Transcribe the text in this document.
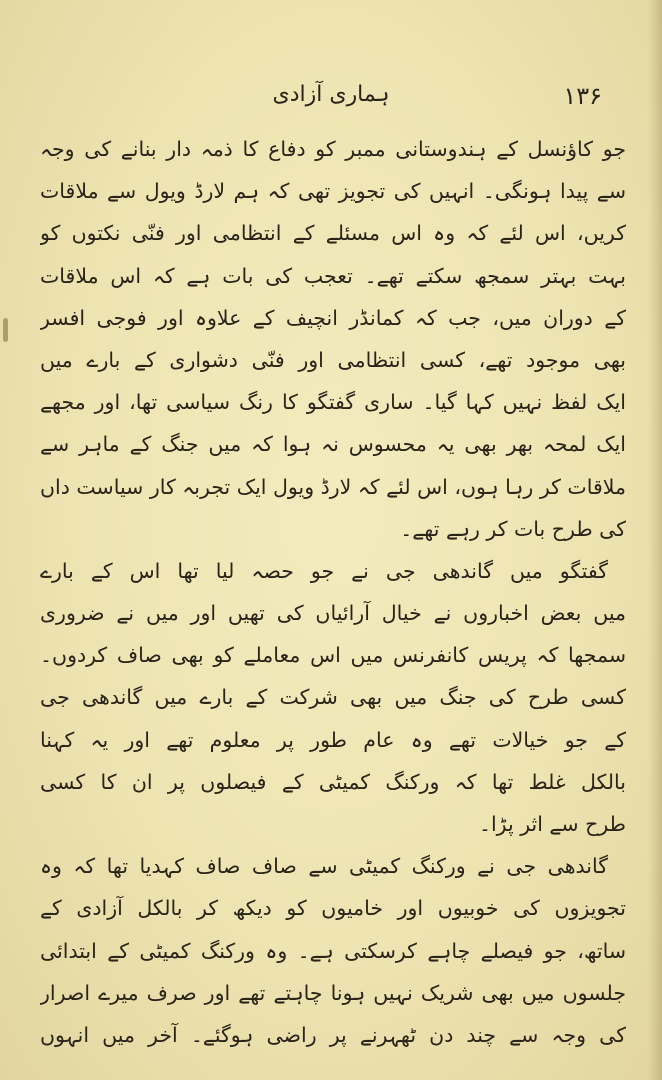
ہماری آزادی	۱۳۶
جو کاؤنسل کے ہندوستانی ممبر کو دفاع کا ذمہ دار بنانے کی وجہ
سے پیدا ہونگی۔ انہیں کی تجویز تھی کہ ہم لارڈ ویول سے ملاقات
کریں، اس لئے کہ وہ اس مسئلے کے انتظامی اور فنّی نکتوں کو
بہت بہتر سمجھ سکتے تھے۔ تعجب کی بات ہے کہ اس ملاقات
کے دوران میں، جب کہ کمانڈر انچیف کے علاوہ اور فوجی افسر
بھی موجود تھے، کسی انتظامی اور فنّی دشواری کے بارے میں
ایک لفظ نہیں کہا گیا۔ ساری گفتگو کا رنگ سیاسی تھا، اور مجھے
ایک لمحہ بھر بھی یہ محسوس نہ ہوا کہ میں جنگ کے ماہر سے
ملاقات کر رہا ہوں، اس لئے کہ لارڈ ویول ایک تجربہ کار سیاست داں
کی طرح بات کر رہے تھے۔
گفتگو میں گاندھی جی نے جو حصہ لیا تھا اس کے بارے
میں بعض اخباروں نے خیال آرائیاں کی تھیں اور میں نے ضروری
سمجھا کہ پریس کانفرنس میں اس معاملے کو بھی صاف کردوں۔
کسی طرح کی جنگ میں بھی شرکت کے بارے میں گاندھی جی
کے جو خیالات تھے وہ عام طور پر معلوم تھے اور یہ کہنا
بالکل غلط تھا کہ ورکنگ کمیٹی کے فیصلوں پر ان کا کسی
طرح سے اثر پڑا۔
گاندھی جی نے ورکنگ کمیٹی سے صاف صاف کہدیا تھا کہ وہ
تجویزوں کی خوبیوں اور خامیوں کو دیکھ کر بالکل آزادی کے
ساتھ، جو فیصلے چاہے کرسکتی ہے۔ وہ ورکنگ کمیٹی کے ابتدائی
جلسوں میں بھی شریک نہیں ہونا چاہتے تھے اور صرف میرے اصرار
کی وجہ سے چند دن ٹھہرنے پر راضی ہوگئے۔ آخر میں انہوں
